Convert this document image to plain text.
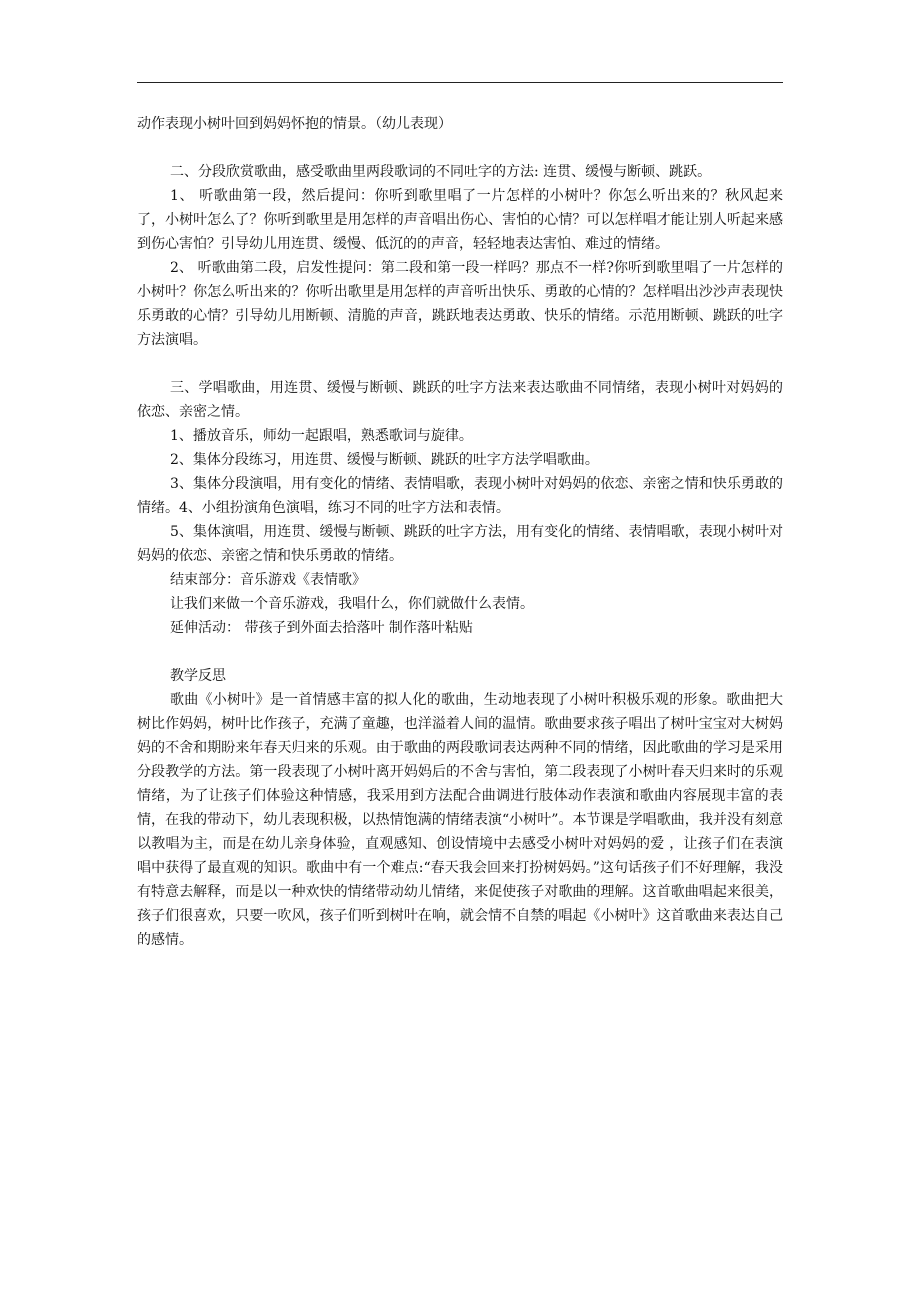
动作表现小树叶回到妈妈怀抱的情景。（幼儿表现）

二、分段欣赏歌曲，感受歌曲里两段歌词的不同吐字的方法: 连贯、缓慢与断顿、跳跃。

1、 听歌曲第一段，然后提问：你听到歌里唱了一片怎样的小树叶？你怎么听出来的？秋风起来了，小树叶怎么了？你听到歌里是用怎样的声音唱出伤心、害怕的心情？可以怎样唱才能让别人听起来感到伤心害怕？引导幼儿用连贯、缓慢、低沉的的声音，轻轻地表达害怕、难过的情绪。

2、 听歌曲第二段，启发性提问：第二段和第一段一样吗？那点不一样?你听到歌里唱了一片怎样的小树叶？你怎么听出来的？你听出歌里是用怎样的声音听出快乐、勇敢的心情的？怎样唱出沙沙声表现快乐勇敢的心情？引导幼儿用断顿、清脆的声音，跳跃地表达勇敢、快乐的情绪。示范用断顿、跳跃的吐字方法演唱。

三、学唱歌曲，用连贯、缓慢与断顿、跳跃的吐字方法来表达歌曲不同情绪，表现小树叶对妈妈的依恋、亲密之情。

1、播放音乐，师幼一起跟唱，熟悉歌词与旋律。

2、集体分段练习，用连贯、缓慢与断顿、跳跃的吐字方法学唱歌曲。

3、集体分段演唱，用有变化的情绪、表情唱歌，表现小树叶对妈妈的依恋、亲密之情和快乐勇敢的情绪。4、小组扮演角色演唱，练习不同的吐字方法和表情。

5、集体演唱，用连贯、缓慢与断顿、跳跃的吐字方法，用有变化的情绪、表情唱歌，表现小树叶对妈妈的依恋、亲密之情和快乐勇敢的情绪。

结束部分：音乐游戏《表情歌》

让我们来做一个音乐游戏，我唱什么，你们就做什么表情。

延伸活动： 带孩子到外面去拾落叶 制作落叶粘贴

教学反思

歌曲《小树叶》是一首情感丰富的拟人化的歌曲，生动地表现了小树叶积极乐观的形象。歌曲把大树比作妈妈，树叶比作孩子，充满了童趣，也洋溢着人间的温情。歌曲要求孩子唱出了树叶宝宝对大树妈妈的不舍和期盼来年春天归来的乐观。由于歌曲的两段歌词表达两种不同的情绪，因此歌曲的学习是采用分段教学的方法。第一段表现了小树叶离开妈妈后的不舍与害怕，第二段表现了小树叶春天归来时的乐观情绪，为了让孩子们体验这种情感，我采用到方法配合曲调进行肢体动作表演和歌曲内容展现丰富的表情，在我的带动下，幼儿表现积极，以热情饱满的情绪表演“小树叶”。本节课是学唱歌曲，我并没有刻意以教唱为主，而是在幼儿亲身体验，直观感知、创设情境中去感受小树叶对妈妈的爱 ，让孩子们在表演唱中获得了最直观的知识。歌曲中有一个难点:“春天我会回来打扮树妈妈。”这句话孩子们不好理解，我没有特意去解释，而是以一种欢快的情绪带动幼儿情绪，来促使孩子对歌曲的理解。这首歌曲唱起来很美，孩子们很喜欢，只要一吹风，孩子们听到树叶在响，就会情不自禁的唱起《小树叶》这首歌曲来表达自己的感情。
